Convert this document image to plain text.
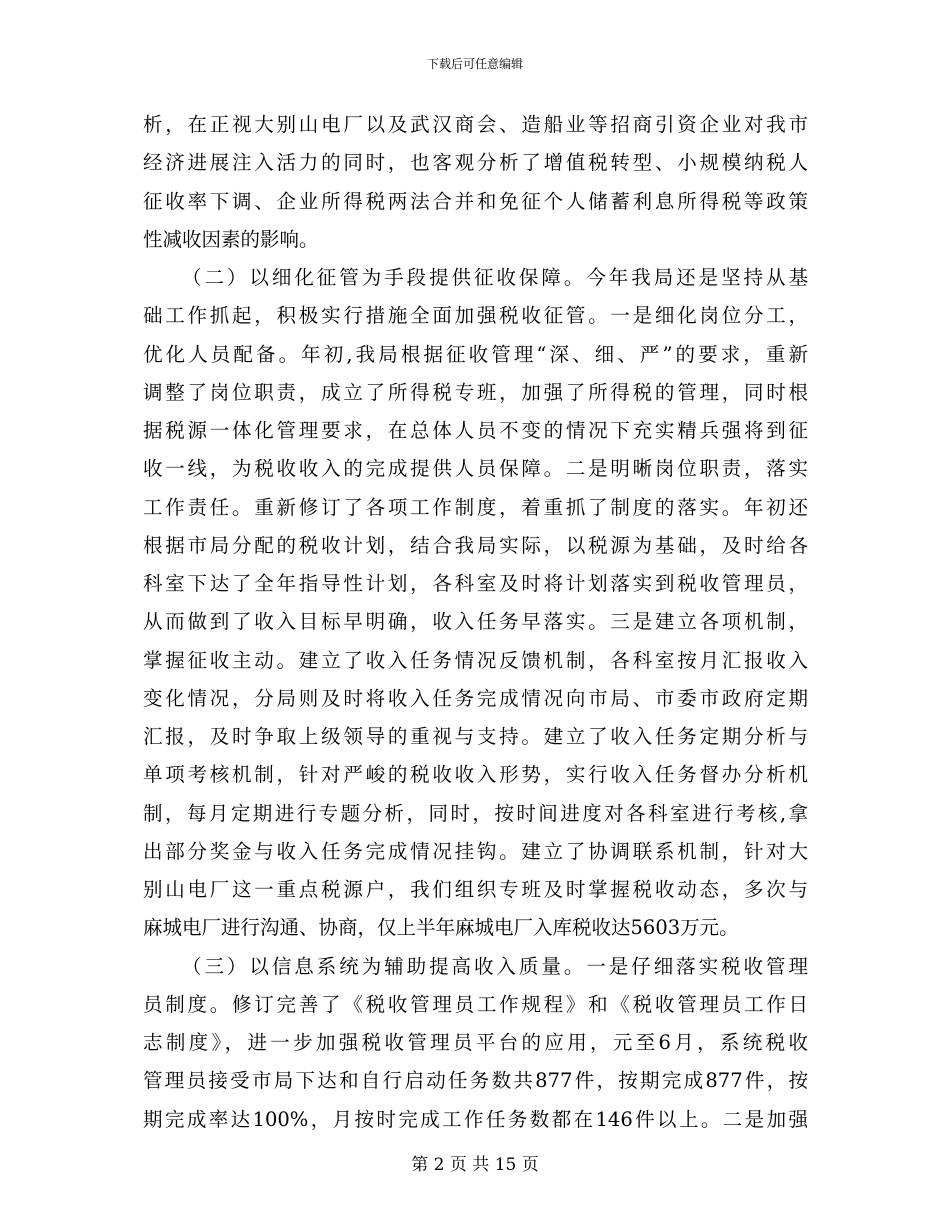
下载后可任意编辑
析，在正视大别山电厂以及武汉商会、造船业等招商引资企业对我市
经济进展注入活力的同时，也客观分析了增值税转型、小规模纳税人
征收率下调、企业所得税两法合并和免征个人储蓄利息所得税等政策
性减收因素的影响。
（二）以细化征管为手段提供征收保障。今年我局还是坚持从基
础工作抓起，积极实行措施全面加强税收征管。一是细化岗位分工，
优化人员配备。年初,我局根据征收管理“深、细、严”的要求，重新
调整了岗位职责，成立了所得税专班，加强了所得税的管理，同时根
据税源一体化管理要求，在总体人员不变的情况下充实精兵强将到征
收一线，为税收收入的完成提供人员保障。二是明晰岗位职责，落实
工作责任。重新修订了各项工作制度，着重抓了制度的落实。年初还
根据市局分配的税收计划，结合我局实际，以税源为基础，及时给各
科室下达了全年指导性计划，各科室及时将计划落实到税收管理员，
从而做到了收入目标早明确，收入任务早落实。三是建立各项机制，
掌握征收主动。建立了收入任务情况反馈机制，各科室按月汇报收入
变化情况，分局则及时将收入任务完成情况向市局、市委市政府定期
汇报，及时争取上级领导的重视与支持。建立了收入任务定期分析与
单项考核机制，针对严峻的税收收入形势，实行收入任务督办分析机
制，每月定期进行专题分析，同时，按时间进度对各科室进行考核,拿
出部分奖金与收入任务完成情况挂钩。建立了协调联系机制，针对大
别山电厂这一重点税源户，我们组织专班及时掌握税收动态，多次与
麻城电厂进行沟通、协商，仅上半年麻城电厂入库税收达5603万元。
（三）以信息系统为辅助提高收入质量。一是仔细落实税收管理
员制度。修订完善了《税收管理员工作规程》和《税收管理员工作日
志制度》，进一步加强税收管理员平台的应用，元至6月，系统税收
管理员接受市局下达和自行启动任务数共877件，按期完成877件，按
期完成率达100%，月按时完成工作任务数都在146件以上。二是加强
第 2 页 共 15 页
